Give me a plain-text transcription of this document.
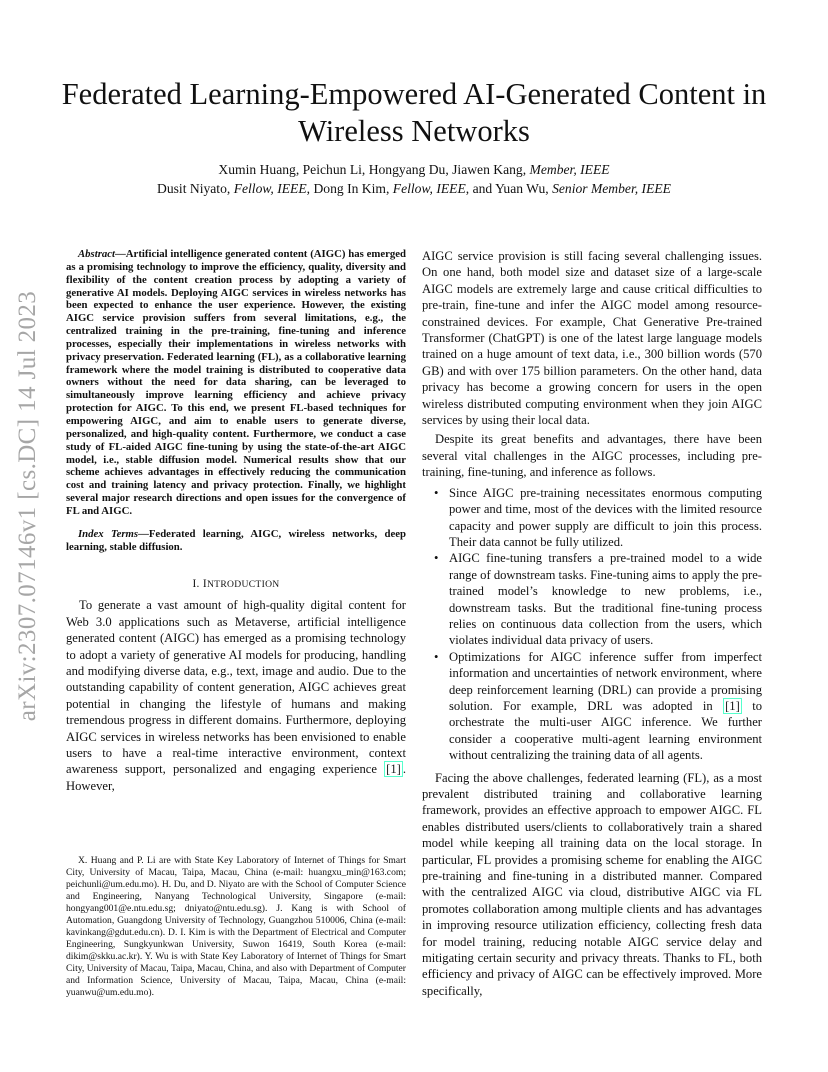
arXiv:2307.07146v1 [cs.DC] 14 Jul 2023
Federated Learning-Empowered AI-Generated Content in Wireless Networks
Xumin Huang, Peichun Li, Hongyang Du, Jiawen Kang, Member, IEEE
Dusit Niyato, Fellow, IEEE, Dong In Kim, Fellow, IEEE, and Yuan Wu, Senior Member, IEEE

Abstract—Artificial intelligence generated content (AIGC) has emerged as a promising technology to improve the efficiency, quality, diversity and flexibility of the content creation process by adopting a variety of generative AI models. Deploying AIGC services in wireless networks has been expected to enhance the user experience. However, the existing AIGC service provision suffers from several limitations, e.g., the centralized training in the pre-training, fine-tuning and inference processes, especially their implementations in wireless networks with privacy preservation. Federated learning (FL), as a collaborative learning framework where the model training is distributed to cooperative data owners without the need for data sharing, can be leveraged to simultaneously improve learning efficiency and achieve privacy protection for AIGC. To this end, we present FL-based techniques for empowering AIGC, and aim to enable users to generate diverse, personalized, and high-quality content. Furthermore, we conduct a case study of FL-aided AIGC fine-tuning by using the state-of-the-art AIGC model, i.e., stable diffusion model. Numerical results show that our scheme achieves advantages in effectively reducing the communication cost and training latency and privacy protection. Finally, we highlight several major research directions and open issues for the convergence of FL and AIGC.

Index Terms—Federated learning, AIGC, wireless networks, deep learning, stable diffusion.

I. INTRODUCTION

To generate a vast amount of high-quality digital content for Web 3.0 applications such as Metaverse, artificial intelligence generated content (AIGC) has emerged as a promising technology to adopt a variety of generative AI models for producing, handling and modifying diverse data, e.g., text, image and audio. Due to the outstanding capability of content generation, AIGC achieves great potential in changing the lifestyle of humans and making tremendous progress in different domains. Furthermore, deploying AIGC services in wireless networks has been envisioned to enable users to have a real-time interactive environment, context awareness support, personalized and engaging experience [1] . However,

X. Huang and P. Li are with State Key Laboratory of Internet of Things for Smart City, University of Macau, Taipa, Macau, China (e-mail: huangxu_min@163.com; peichunli@um.edu.mo). H. Du, and D. Niyato are with the School of Computer Science and Engineering, Nanyang Technological University, Singapore (e-mail: hongyang001@e.ntu.edu.sg; dniyato@ntu.edu.sg). J. Kang is with School of Automation, Guangdong University of Technology, Guangzhou 510006, China (e-mail: kavinkang@gdut.edu.cn). D. I. Kim is with the Department of Electrical and Computer Engineering, Sungkyunkwan University, Suwon 16419, South Korea (e-mail: dikim@skku.ac.kr). Y. Wu is with State Key Laboratory of Internet of Things for Smart City, University of Macau, Taipa, Macau, China, and also with Department of Computer and Information Science, University of Macau, Taipa, Macau, China (e-mail: yuanwu@um.edu.mo).

AIGC service provision is still facing several challenging issues. On one hand, both model size and dataset size of a large-scale AIGC models are extremely large and cause critical difficulties to pre-train, fine-tune and infer the AIGC model among resource-constrained devices. For example, Chat Generative Pre-trained Transformer (ChatGPT) is one of the latest large language models trained on a huge amount of text data, i.e., 300 billion words (570 GB) and with over 175 billion parameters. On the other hand, data privacy has become a growing concern for users in the open wireless distributed computing environment when they join AIGC services by using their local data.

Despite its great benefits and advantages, there have been several vital challenges in the AIGC processes, including pre-training, fine-tuning, and inference as follows.

• Since AIGC pre-training necessitates enormous computing power and time, most of the devices with the limited resource capacity and power supply are difficult to join this process. Their data cannot be fully utilized.
• AIGC fine-tuning transfers a pre-trained model to a wide range of downstream tasks. Fine-tuning aims to apply the pre-trained model’s knowledge to new problems, i.e., downstream tasks. But the traditional fine-tuning process relies on continuous data collection from the users, which violates individual data privacy of users.
• Optimizations for AIGC inference suffer from imperfect information and uncertainties of network environment, where deep reinforcement learning (DRL) can provide a promising solution. For example, DRL was adopted in [1] to orchestrate the multi-user AIGC inference. We further consider a cooperative multi-agent learning environment without centralizing the training data of all agents.

Facing the above challenges, federated learning (FL), as a most prevalent distributed training and collaborative learning framework, provides an effective approach to empower AIGC. FL enables distributed users/clients to collaboratively train a shared model while keeping all training data on the local storage. In particular, FL provides a promising scheme for enabling the AIGC pre-training and fine-tuning in a distributed manner. Compared with the centralized AIGC via cloud, distributive AIGC via FL promotes collaboration among multiple clients and has advantages in improving resource utilization efficiency, collecting fresh data for model training, reducing notable AIGC service delay and mitigating certain security and privacy threats. Thanks to FL, both efficiency and privacy of AIGC can be effectively improved. More specifically,
